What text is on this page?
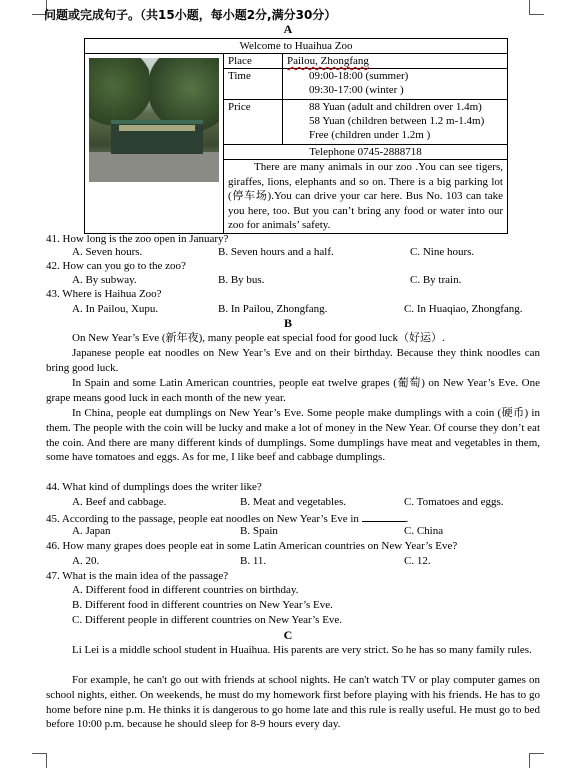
问题或完成句子。（共15小题，每小题2分,满分30分）
A
Welcome to Huaihua Zoo		

	Place	Pailou, Zhongfang
	Time	09:00-18:00 (summer)
09:30-17:00 (winter )

	Price	88 Yuan (adult and children over 1.4m)
58 Yuan (children between 1.2 m-1.4m)
Free (children under 1.2m )

	Telephone 0745-2888718	
	There are many animals in our zoo .You can see tigers, giraffes, lions, elephants and so on. There is a big parking lot (停车场).You can drive your car here. Bus No. 103 can take you here, too. But you can’t bring any food or water into our zoo for animals’ safety.	
41. How long is the zoo open in January?
A. Seven hours.	B. Seven hours and a half.	C. Nine hours.
42. How can you go to the zoo?
A. By subway.	B. By bus.	C. By train.
43. Where is Haihua Zoo?
A. In Pailou, Xupu.	B. In Pailou, Zhongfang.	C. In Huaqiao, Zhongfang.
B
On New Year’s Eve (新年夜), many people eat special food for good luck（好运）.
Japanese people eat noodles on New Year’s Eve and on their birthday. Because they think noodles can bring good luck.
In Spain and some Latin American countries, people eat twelve grapes (葡萄) on New Year’s Eve. One grape means good luck in each month of the new year.
In China, people eat dumplings on New Year’s Eve. Some people make dumplings with a coin (硬币) in them. The people with the coin will be lucky and make a lot of money in the New Year. Of course they don’t eat the coin. And there are many different kinds of dumplings. Some dumplings have meat and vegetables in them, some have tomatoes and eggs. As for me, I like beef and cabbage dumplings.
44. What kind of dumplings does the writer like?
A. Beef and cabbage.	B. Meat and vegetables.	C. Tomatoes and eggs.
45. According to the passage, people eat noodles on New Year’s Eve in	.
A. Japan	B. Spain	C. China
46. How many grapes does people eat in some Latin American countries on New Year’s Eve?
A. 20.	B. 11.	C. 12.
47. What is the main idea of the passage?
A. Different food in different countries on birthday.
B. Different food in different countries on New Year’s Eve.
C. Different people in different countries on New Year’s Eve.
C
Li Lei is a middle school student in Huaihua. His parents are very strict. So he has so many family rules.
For example, he can't go out with friends at school nights. He can't watch TV or play computer games on school nights, either. On weekends, he must do my homework first before playing with his friends. He has to go home before nine p.m. He thinks it is dangerous to go home late and this rule is really useful. He must go to bed before 10:00 p.m. because he should sleep for 8-9 hours every day.
